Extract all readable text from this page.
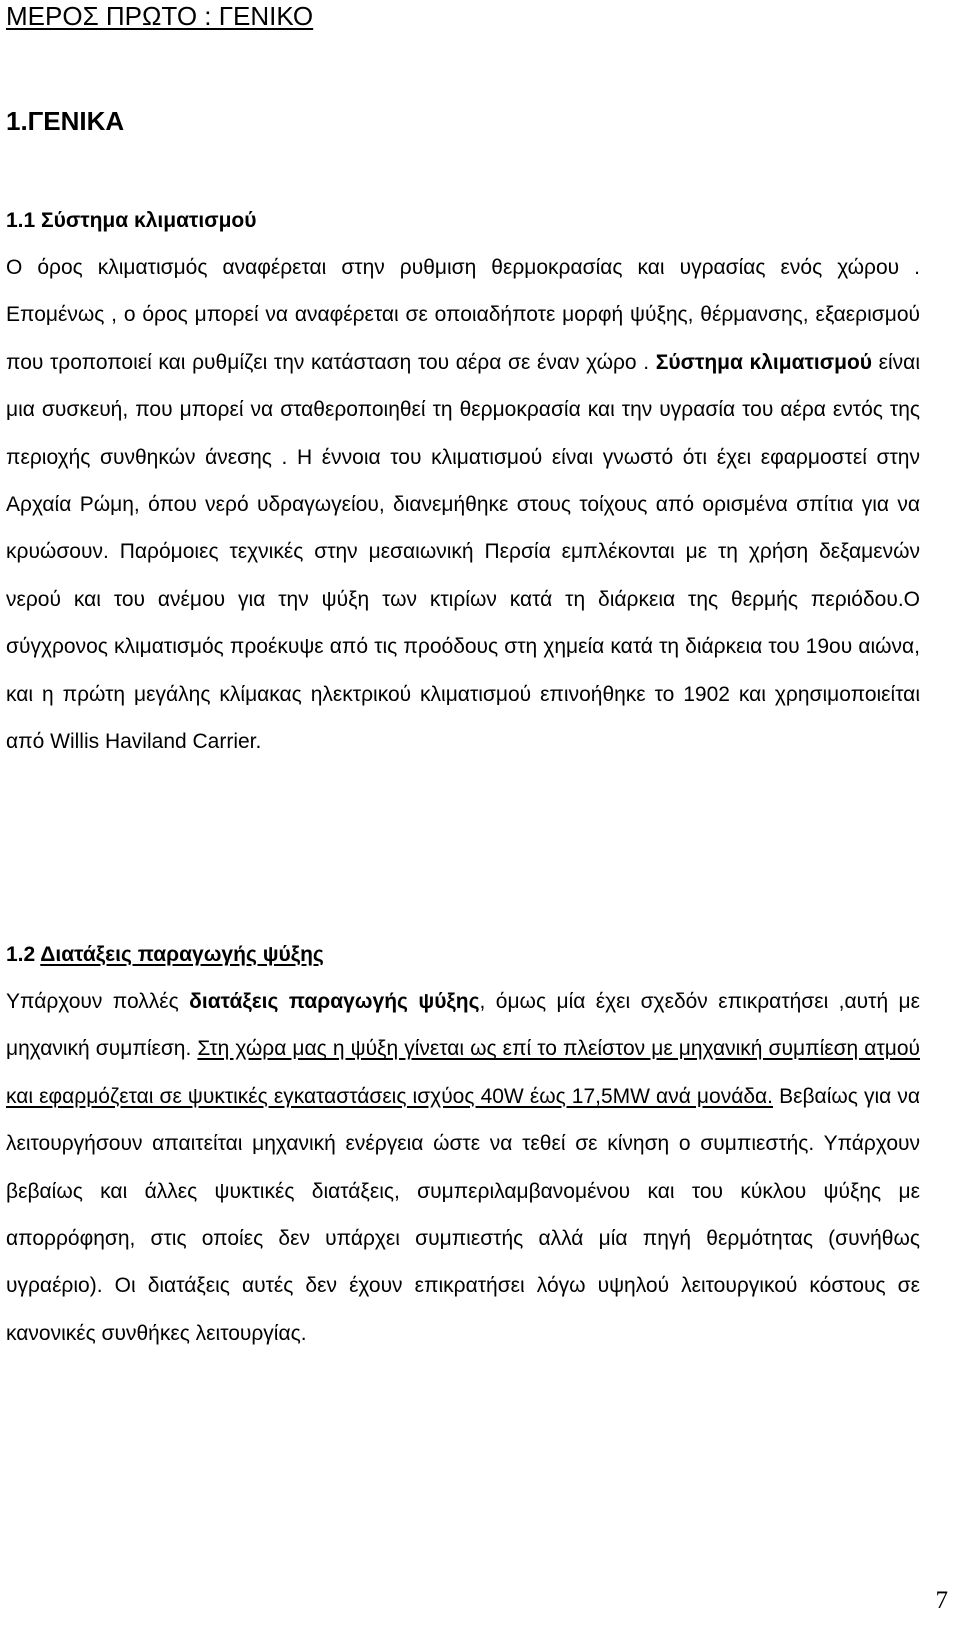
ΜΕΡΟΣ ΠΡΩΤΟ : ΓΕΝΙΚΟ
1.ΓΕΝΙΚΑ
1.1 Σύστημα κλιματισμού

Ο όρος κλιματισμός αναφέρεται στην ρυθμιση θερμοκρασίας και υγρασίας ενός χώρου . Επομένως , ο όρος μπορεί να αναφέρεται σε οποιαδήποτε μορφή ψύξης, θέρμανσης, εξαερισμού που τροποποιεί και ρυθμίζει την κατάσταση του αέρα σε έναν χώρο . Σύστημα κλιματισμού είναι μια συσκευή, που μπορεί να σταθεροποιηθεί τη θερμοκρασία και την υγρασία του αέρα εντός της περιοχής συνθηκών άνεσης . Η έννοια του κλιματισμού είναι γνωστό ότι έχει εφαρμοστεί στην Αρχαία Ρώμη, όπου νερό υδραγωγείου, διανεμήθηκε στους τοίχους από ορισμένα σπίτια για να κρυώσουν. Παρόμοιες τεχνικές στην μεσαιωνική Περσία εμπλέκονται με τη χρήση δεξαμενών νερού και του ανέμου για την ψύξη των κτιρίων κατά τη διάρκεια της θερμής περιόδου.Ο σύγχρονος κλιματισμός προέκυψε από τις προόδους στη χημεία κατά τη διάρκεια του 19ου αιώνα, και η πρώτη μεγάλης κλίμακας ηλεκτρικού κλιματισμού επινοήθηκε το 1902 και χρησιμοποιείται από Willis Haviland Carrier.

1.2 Διατάξεις παραγωγής ψύξης

Υπάρχουν πολλές διατάξεις παραγωγής ψύξης, όμως μία έχει σχεδόν επικρατήσει ,αυτή με μηχανική συμπίεση. Στη χώρα μας η ψύξη γίνεται ως επί το πλείστον με μηχανική συμπίεση ατμού και εφαρμόζεται σε ψυκτικές εγκαταστάσεις ισχύος 40W έως 17,5MW ανά μονάδα. Βεβαίως για να λειτουργήσουν απαιτείται μηχανική ενέργεια ώστε να τεθεί σε κίνηση ο συμπιεστής. Υπάρχουν βεβαίως και άλλες ψυκτικές διατάξεις, συμπεριλαμβανομένου και του κύκλου ψύξης με απορρόφηση, στις οποίες δεν υπάρχει συμπιεστής αλλά μία πηγή θερμότητας (συνήθως υγραέριο). Οι διατάξεις αυτές δεν έχουν επικρατήσει λόγω υψηλού λειτουργικού κόστους σε κανονικές συνθήκες λειτουργίας.

7
